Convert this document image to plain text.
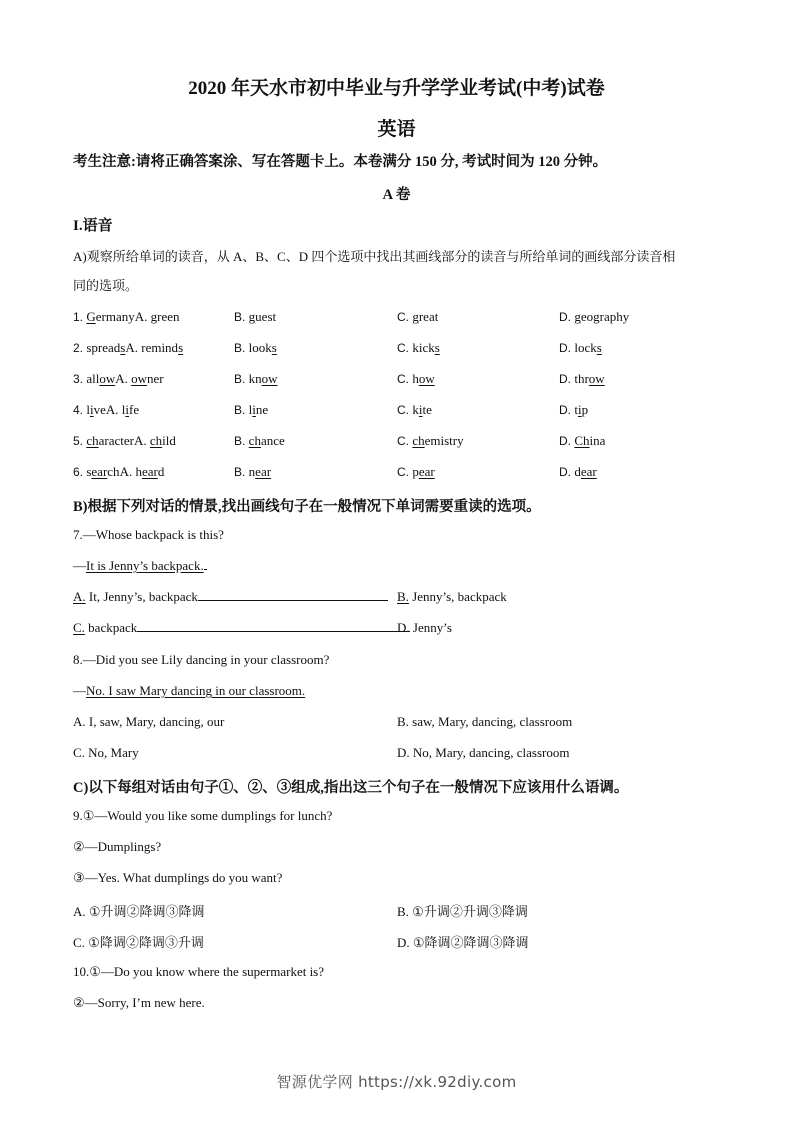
2020 年天水市初中毕业与升学学业考试(中考)试卷
英语
考生注意:请将正确答案涂、写在答题卡上。本卷满分 150 分, 考试时间为 120 分钟。
A 卷
I.语音
A)观察所给单词的读音，从 A、B、C、D 四个选项中找出其画线部分的读音与所给单词的画线部分读音相
同的选项。
1. GermanyA. green	B. guest	C. great	D. geography
2. spreadsA. reminds	B. looks	C. kicks	D. locks
3. allowA. owner	B. know	C. how	D. throw
4. liveA. life	B. line	C. kite	D. tip
5. characterA. child	B. chance	C. chemistry	D. China
6. searchA. heard	B. near	C. pear	D. dear
B)根据下列对话的情景,找出画线句子在一般情况下单词需要重读的选项。
7.—Whose backpack is this?
—It is Jenny’s backpack.
A. It, Jenny’s, backpack	B. Jenny’s, backpack
C. backpack	D. Jenny’s
8.—Did you see Lily dancing in your classroom?
—No. I saw Mary dancing in our classroom.
A. I, saw, Mary, dancing, our	B. saw, Mary, dancing, classroom
C. No, Mary	D. No, Mary, dancing, classroom
C)以下每组对话由句子①、②、③组成,指出这三个句子在一般情况下应该用什么语调。
9.①—Would you like some dumplings for lunch?
②—Dumplings?
③—Yes. What dumplings do you want?
A. ①升调②降调③降调	B. ①升调②升调③降调
C. ①降调②降调③升调	D. ①降调②降调③降调
10.①—Do you know where the supermarket is?
②—Sorry, I’m new here.
智源优学网 https://xk.92diy.com
